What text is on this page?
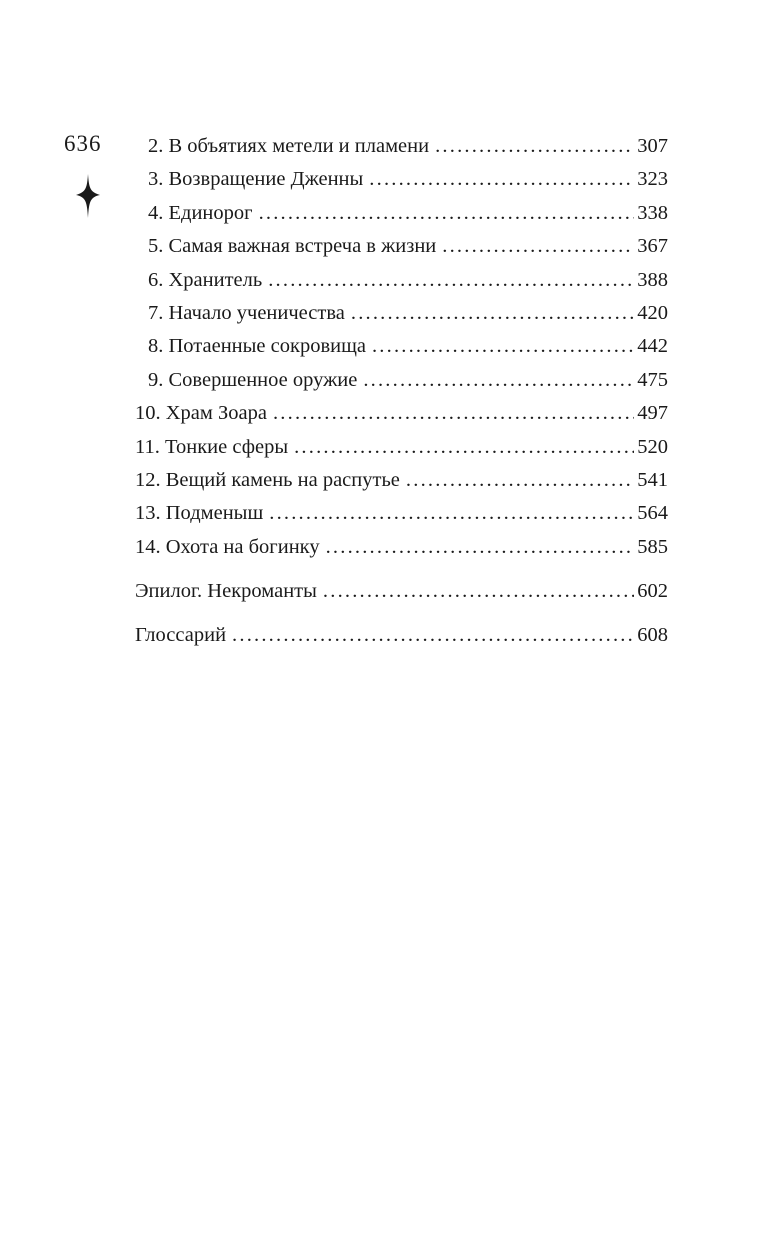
636 2. В объятиях метели и пламени .....	307
3. Возвращение Дженны .....	323
4. Единорог .....	338
5. Самая важная встреча в жизни .....	367
6. Хранитель .....	388
7. Начало ученичества .....	420
8. Потаенные сокровища .....	442
9. Совершенное оружие .....	475
10. Храм Зоара .....	497
11. Тонкие сферы .....	520
12. Вещий камень на распутье .....	541
13. Подменыш .....	564
14. Охота на богинку .....	585
Эпилог. Некроманты .....	602
Глоссарий .....	608
